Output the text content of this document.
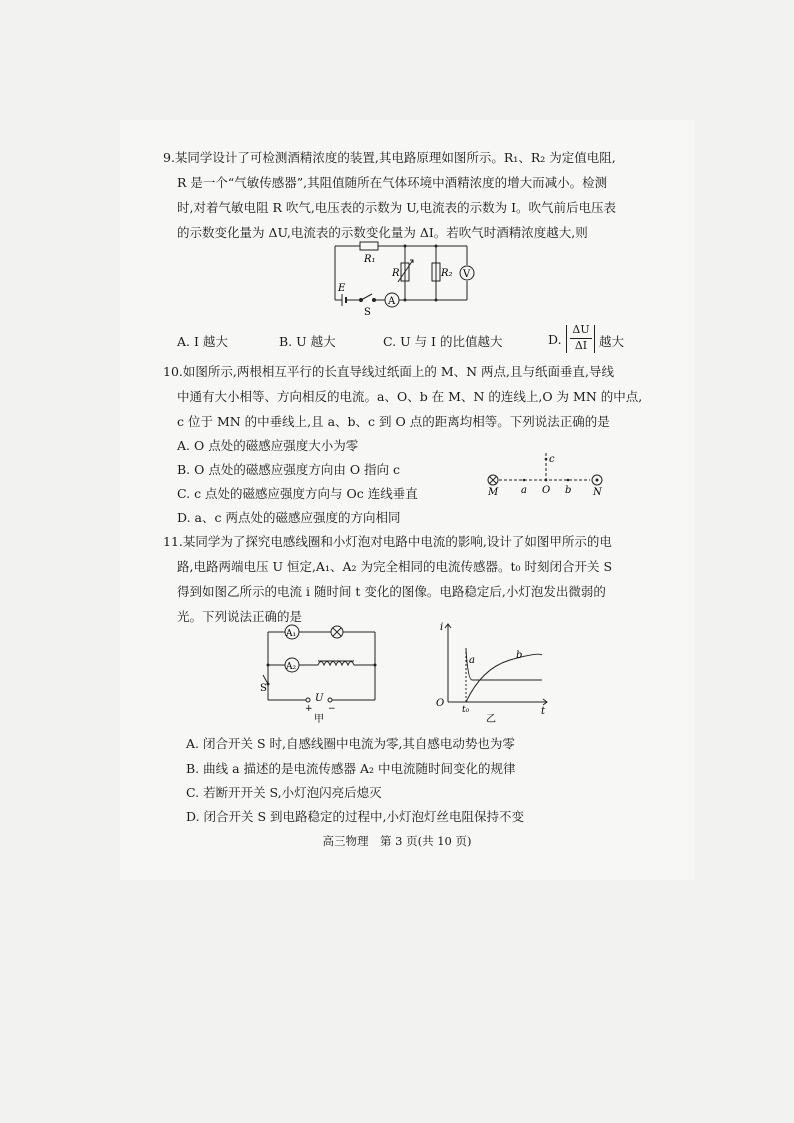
9.某同学设计了可检测酒精浓度的装置,其电路原理如图所示。R₁、R₂ 为定值电阻,
R 是一个“气敏传感器”,其阻值随所在气体环境中酒精浓度的增大而减小。检测
时,对着气敏电阻 R 吹气,电压表的示数为 U,电流表的示数为 I。吹气前后电压表
的示数变化量为 ΔU,电流表的示数变化量为 ΔI。若吹气时酒精浓度越大,则
R₁
R	R₂ V
A
E
S
A. I 越大	B. U 越大	C. U 与 I 的比值越大	D.
ΔU
ΔI 越大
10.如图所示,两根相互平行的长直导线过纸面上的 M、N 两点,且与纸面垂直,导线
中通有大小相等、方向相反的电流。a、O、b 在 M、N 的连线上,O 为 MN 的中点,
c 位于 MN 的中垂线上,且 a、b、c 到 O 点的距离均相等。下列说法正确的是
A. O 点处的磁感应强度大小为零
B. O 点处的磁感应强度方向由 O 指向 c
C. c 点处的磁感应强度方向与 Oc 连线垂直
D. a、c 两点处的磁感应强度的方向相同
M a O b N
c
11.某同学为了探究电感线圈和小灯泡对电路中电流的影响,设计了如图甲所示的电
路,电路两端电压 U 恒定,A₁、A₂ 为完全相同的电流传感器。t₀ 时刻闭合开关 S
得到如图乙所示的电流 i 随时间 t 变化的图像。电路稳定后,小灯泡发出微弱的
光。下列说法正确的是
A₁
A₂
S
U
+ −
甲
i
t
O
t₀
a	b
乙
A. 闭合开关 S 时,自感线圈中电流为零,其自感电动势也为零
B. 曲线 a 描述的是电流传感器 A₂ 中电流随时间变化的规律
C. 若断开开关 S,小灯泡闪亮后熄灭
D. 闭合开关 S 到电路稳定的过程中,小灯泡灯丝电阻保持不变
高三物理　第 3 页(共 10 页)
